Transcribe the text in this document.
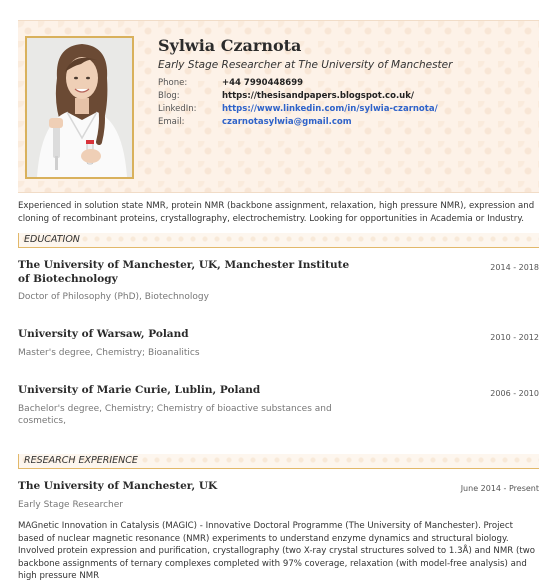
Sylwia Czarnota
Early Stage Researcher at The University of Manchester
Phone:	+44 7990448699
Blog:	https://thesisandpapers.blogspot.co.uk/
LinkedIn:	https://www.linkedin.com/in/sylwia-czarnota/
Email:	czarnotasylwia@gmail.com
Experienced in solution state NMR, protein NMR (backbone assignment, relaxation, high pressure NMR), expression and cloning of recombinant proteins, crystallography, electrochemistry. Looking for opportunities in Academia or Industry.
EDUCATION
The University of Manchester, UK, Manchester Institute of Biotechnology
2014 - 2018
Doctor of Philosophy (PhD), Biotechnology
University of Warsaw, Poland	2010 - 2012
Master's degree, Chemistry; Bioanalitics
University of Marie Curie, Lublin, Poland	2006 - 2010
Bachelor's degree, Chemistry; Chemistry of bioactive substances and cosmetics,
RESEARCH EXPERIENCE
The University of Manchester, UK	June 2014 - Present
Early Stage Researcher
MAGnetic Innovation in Catalysis (MAGIC) - Innovative Doctoral Programme (The University of Manchester). Project based of nuclear magnetic resonance (NMR) experiments to understand enzyme dynamics and structural biology. Involved protein expression and purification, crystallography (two X-ray crystal structures solved to 1.3Å) and NMR (two backbone assignments of ternary complexes completed with 97% coverage, relaxation (with model-free analysis) and high pressure NMR
